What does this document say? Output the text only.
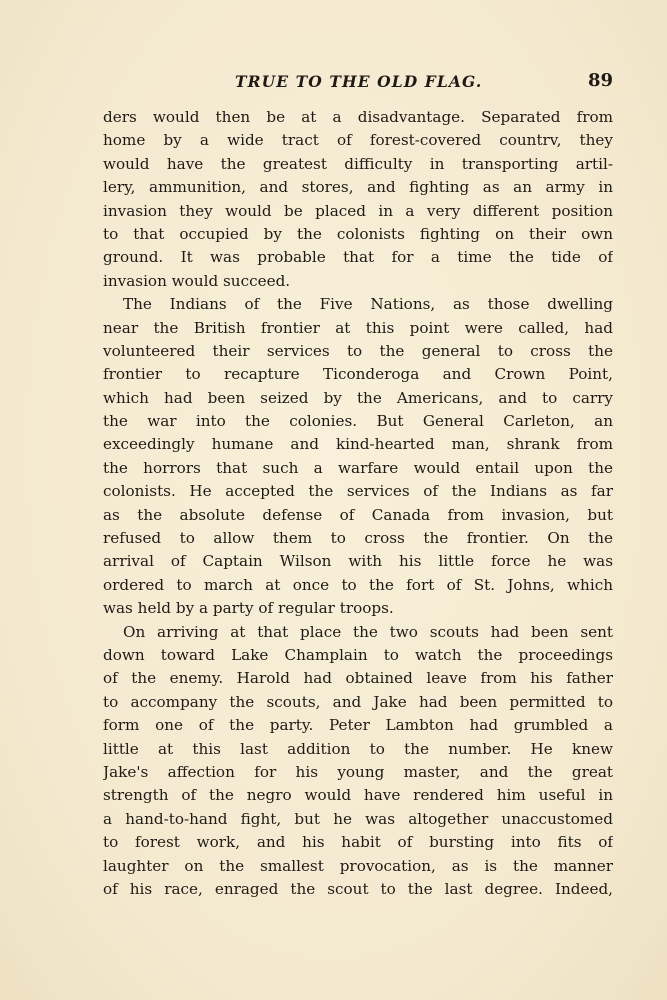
TRUE TO THE OLD FLAG.	89
ders would then be at a disadvantage. Separated from
home by a wide tract of forest-covered countrv, they
would have the greatest difficulty in transporting artil-
lery, ammunition, and stores, and fighting as an army in
invasion they would be placed in a very different position
to that occupied by the colonists fighting on their own
ground. It was probable that for a time the tide of
invasion would succeed.
The Indians of the Five Nations, as those dwelling
near the British frontier at this point were called, had
volunteered their services to the general to cross the
frontier to recapture Ticonderoga and Crown Point,
which had been seized by the Americans, and to carry
the war into the colonies. But General Carleton, an
exceedingly humane and kind-hearted man, shrank from
the horrors that such a warfare would entail upon the
colonists. He accepted the services of the Indians as far
as the absolute defense of Canada from invasion, but
refused to allow them to cross the frontier. On the
arrival of Captain Wilson with his little force he was
ordered to march at once to the fort of St. Johns, which
was held by a party of regular troops.
On arriving at that place the two scouts had been sent
down toward Lake Champlain to watch the proceedings
of the enemy. Harold had obtained leave from his father
to accompany the scouts, and Jake had been permitted to
form one of the party. Peter Lambton had grumbled a
little at this last addition to the number. He knew
Jake's affection for his young master, and the great
strength of the negro would have rendered him useful in
a hand-to-hand fight, but he was altogether unaccustomed
to forest work, and his habit of bursting into fits of
laughter on the smallest provocation, as is the manner
of his race, enraged the scout to the last degree. Indeed,
